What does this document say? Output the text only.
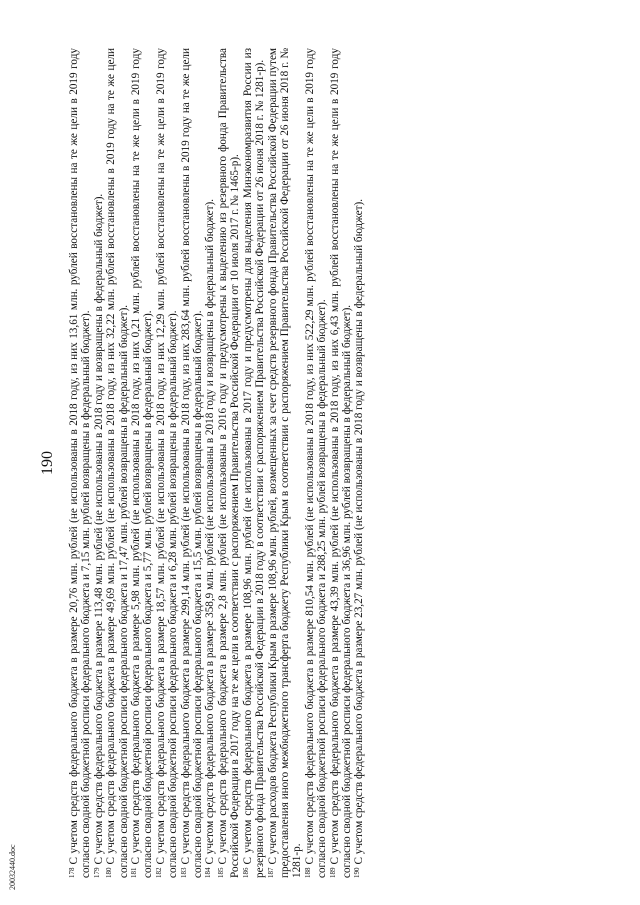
190

$^{178}$С учетом средств федерального бюджета в размере 20,76 млн. рублей (не использованы в 2018 году, из них 13,61 млн. рублей восстановлены на те же цели в 2019 году согласно сводной бюджетной росписи федерального бюджета и 7,15 млн. рублей возвращены в федеральный бюджет). $^{179}$С учетом средств федерального бюджета в размере 113,48 млн. рублей (не использованы в 2018 году и возвращены в федеральный бюджет).

$^{180}$С учетом средств федерального бюджета в размере 49,69 млн. рублей (не использованы в 2018 году, из них 32,22 млн. рублей восстановлены в 2019 году на те же цели согласно сводной бюджетной росписи федерального бюджета и 17,47 млн. рублей возвращены в федеральный бюджет). $^{181}$С учетом средств федерального бюджета в размере 5,98 млн. рублей (не использованы в 2018 году, из них 0,21 млн. рублей восстановлены на те же цели в 2019 году согласно сводной бюджетной росписи федерального бюджета и 5,77 млн. рублей возвращены в федеральный бюджет). $^{182}$С учетом средств федерального бюджета в размере 18,57 млн. рублей (не использованы в 2018 году, из них 12,29 млн. рублей восстановлены на те же цели в 2019 году согласно сводной бюджетной росписи федерального бюджета и 6,28 млн. рублей возвращены в федеральный бюджет). $^{183}$С учетом средств федерального бюджета в размере 299,14 млн. рублей (не использованы в 2018 году, из них 283,64 млн. рублей восстановлены в 2019 году на те же цели согласно сводной бюджетной росписи федерального бюджета и 15,5 млн. рублей возвращены в федеральный бюджет). $^{184}$С учетом средств федерального бюджета в размере 358,9 млн. рублей (не использованы в 2018 году и возвращены в федеральный бюджет).

$^{185}$С учетом средств федерального бюджета в размере 2,8 млн. рублей (не использованы в 2016 году и предусмотрены к выделению из резервного фонда Правительства Российской Федерации в 2017 году на те же цели в соответствии с распоряжением Правительства Российской Федерации от 10 июля 2017 г. № 1465-р). $^{186}$С учетом средств федерального бюджета в размере 108,96 млн. рублей (не использованы в 2017 году и предусмотрены для выделения Минэкономразвития России из резервного фонда Правительства Российской Федерации в 2018 году в соответствии с распоряжением Правительства Российской Федерации от 26 июня 2018 г. № 1281-р). $^{187}$С учетом расходов бюджета Республики Крым в размере 108,96 млн. рублей, возмещенных за счет средств резервного фонда Правительства Российской Федерации путем предоставления иного межбюджетного трансферта бюджету Республики Крым в соответствии с распоряжением Правительства Российской Федерации от 26 июня 2018 г. № 1281-р. $^{188}$С учетом средств федерального бюджета в размере 810,54 млн. рублей (не использованы в 2018 году, из них 522,29 млн. рублей восстановлены на те же цели в 2019 году согласно сводной бюджетной росписи федерального бюджета и 288,25 млн. рублей возвращены в федеральный бюджет). $^{189}$С учетом средств федерального бюджета в размере 43,39 млн. рублей (не использованы в 2018 году, из них 6,43 млн. рублей восстановлены на те же цели в 2019 году согласно сводной бюджетной росписи федерального бюджета и 36,96 млн. рублей возвращены в федеральный бюджет). $^{190}$С учетом средств федерального бюджета в размере 23,27 млн. рублей (не использованы в 2018 году и возвращены в федеральный бюджет).

20032440.doc
